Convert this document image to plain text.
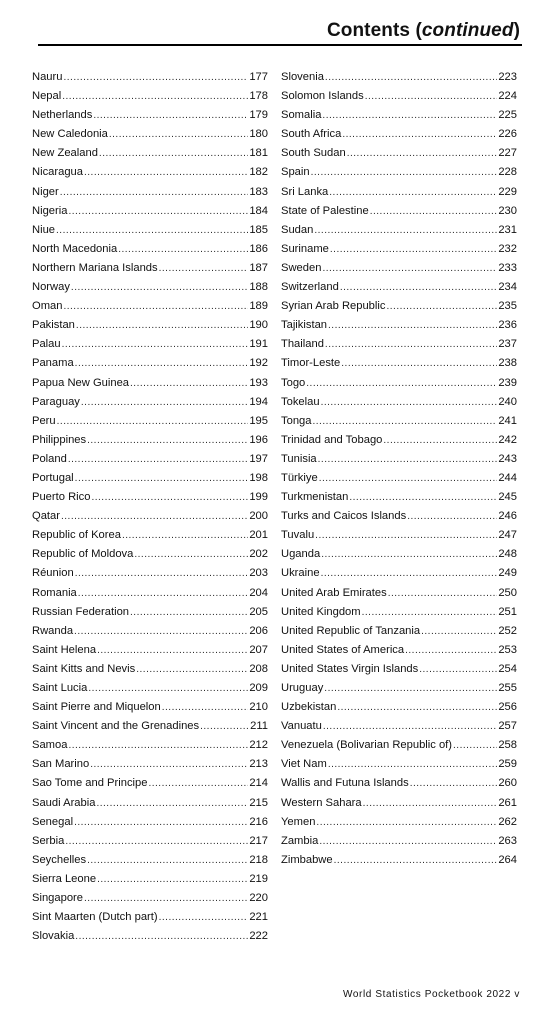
Contents (continued)
Nauru .....	177
Nepal .....	178
Netherlands .....	179
New Caledonia .....	180
New Zealand .....	181
Nicaragua .....	182
Niger .....	183
Nigeria .....	184
Niue .....	185
North Macedonia .....	186
Northern Mariana Islands .....	187
Norway .....	188
Oman .....	189
Pakistan .....	190
Palau .....	191
Panama .....	192
Papua New Guinea .....	193
Paraguay .....	194
Peru .....	195
Philippines .....	196
Poland .....	197
Portugal .....	198
Puerto Rico .....	199
Qatar .....	200
Republic of Korea .....	201
Republic of Moldova .....	202
Réunion .....	203
Romania .....	204
Russian Federation .....	205
Rwanda .....	206
Saint Helena .....	207
Saint Kitts and Nevis .....	208
Saint Lucia .....	209
Saint Pierre and Miquelon .....	210
Saint Vincent and the Grenadines .....	211
Samoa .....	212
San Marino .....	213
Sao Tome and Principe .....	214
Saudi Arabia .....	215
Senegal .....	216
Serbia .....	217
Seychelles .....	218
Sierra Leone .....	219
Singapore .....	220
Sint Maarten (Dutch part) .....	221
Slovakia .....	222
Slovenia .....	223
Solomon Islands .....	224
Somalia .....	225
South Africa .....	226
South Sudan .....	227
Spain .....	228
Sri Lanka .....	229
State of Palestine .....	230
Sudan .....	231
Suriname .....	232
Sweden .....	233
Switzerland .....	234
Syrian Arab Republic .....	235
Tajikistan .....	236
Thailand .....	237
Timor-Leste .....	238
Togo .....	239
Tokelau .....	240
Tonga .....	241
Trinidad and Tobago .....	242
Tunisia .....	243
Türkiye .....	244
Turkmenistan .....	245
Turks and Caicos Islands .....	246
Tuvalu .....	247
Uganda .....	248
Ukraine .....	249
United Arab Emirates .....	250
United Kingdom .....	251
United Republic of Tanzania .....	252
United States of America .....	253
United States Virgin Islands .....	254
Uruguay .....	255
Uzbekistan .....	256
Vanuatu .....	257
Venezuela (Bolivarian Republic of) .....	258
Viet Nam .....	259
Wallis and Futuna Islands .....	260
Western Sahara .....	261
Yemen .....	262
Zambia .....	263
Zimbabwe .....	264
World Statistics Pocketbook 2022 v
